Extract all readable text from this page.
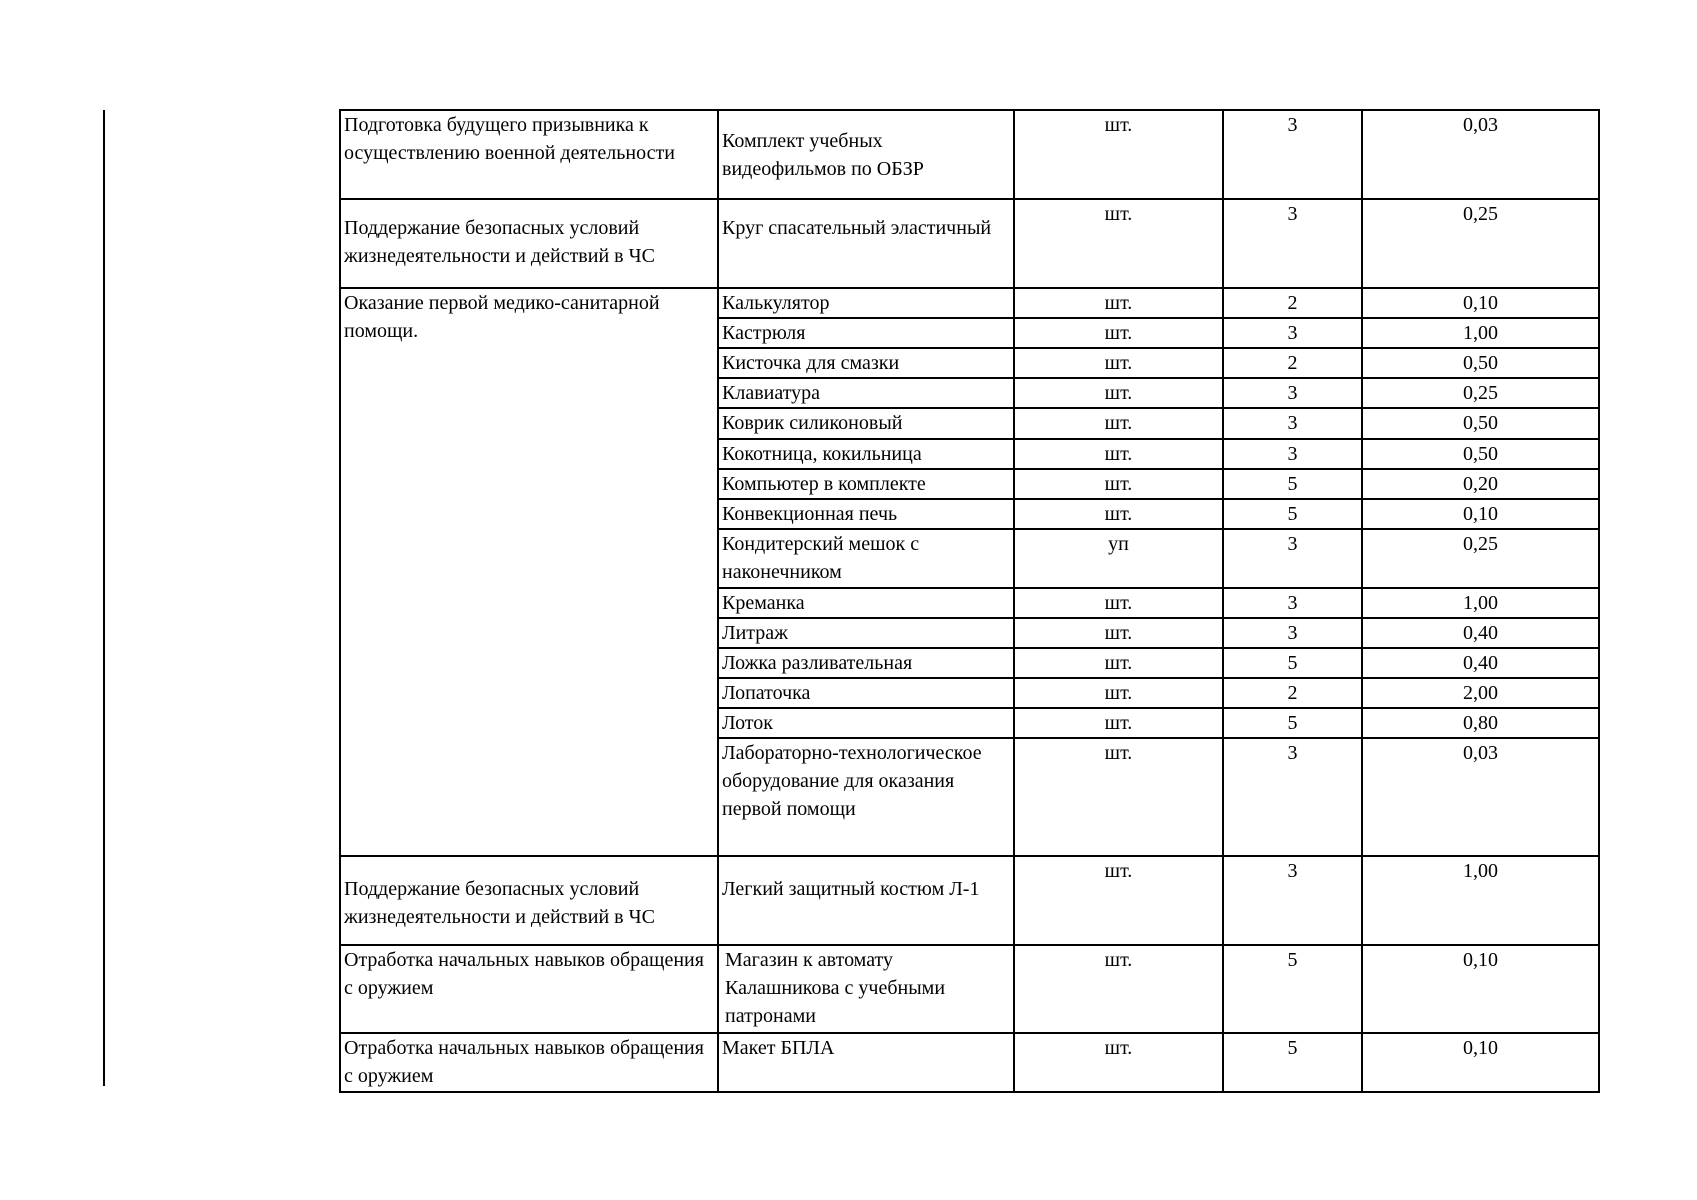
Подготовка будущего призывника к осуществлению военной деятельности	Комплект учебных видеофильмов по ОБЗР	шт.	3	0,03
Поддержание безопасных условий жизнедеятельности и действий в ЧС	Круг спасательный эластичный	шт.	3	0,25
Оказание первой медико-санитарной помощи.	Калькулятор	шт.	2	0,10
	Кастрюля	шт.	3	1,00
	Кисточка для смазки	шт.	2	0,50
	Клавиатура	шт.	3	0,25
	Коврик силиконовый	шт.	3	0,50
	Кокотница, кокильница	шт.	3	0,50
	Компьютер в комплекте	шт.	5	0,20
	Конвекционная печь	шт.	5	0,10
	Кондитерский мешок с наконечником	уп	3	0,25
	Креманка	шт.	3	1,00
	Литраж	шт.	3	0,40
	Ложка разливательная	шт.	5	0,40
	Лопаточка	шт.	2	2,00
	Лоток	шт.	5	0,80
	Лабораторно-технологическое оборудование для оказания первой помощи	шт.	3	0,03
Поддержание безопасных условий жизнедеятельности и действий в ЧС	Легкий защитный костюм Л-1	шт.	3	1,00
Отработка начальных навыков обращения с оружием	Магазин к автомату Калашникова с учебными патронами	шт.	5	0,10
Отработка начальных навыков обращения с оружием	Макет БПЛА	шт.	5	0,10
